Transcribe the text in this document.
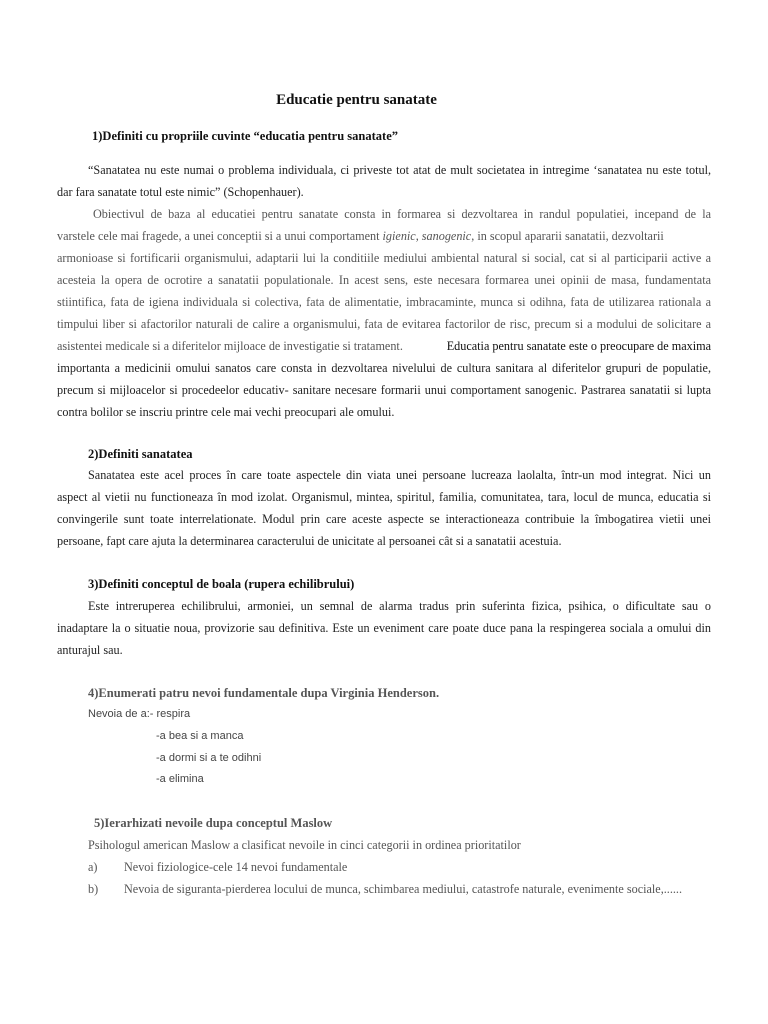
Educatie pentru sanatate
1)Definiti cu propriile cuvinte “educatia pentru sanatate”
“Sanatatea nu este numai o problema individuala, ci priveste tot atat de mult societatea in intregime ‘sanatatea nu este totul,
dar fara sanatate totul este nimic” (Schopenhauer).
Obiectivul de baza al educatiei pentru sanatate consta in formarea si dezvoltarea in randul populatiei, incepand de la
varstele cele mai fragede, a unei conceptii si a unui comportament igienic, sanogenic, in scopul apararii sanatatii, dezvoltarii
armonioase si fortificarii organismului, adaptarii lui la conditiile mediului ambiental natural si social, cat si al participarii active a
acesteia la opera de ocrotire a sanatatii populationale. In acest sens, este necesara formarea unei opinii de masa, fundamentata
stiintifica, fata de igiena individuala si colectiva, fata de alimentatie, imbracaminte, munca si odihna, fata de utilizarea rationala a
timpului liber si afactorilor naturali de calire a organismului, fata de evitarea factorilor de risc, precum si a modului de solicitare a
asistentei medicale si a diferitelor mijloace de investigatie si tratament.	Educatia pentru sanatate este o preocupare de maxima
importanta a medicinii omului sanatos care consta in dezvoltarea nivelului de cultura sanitara al diferitelor grupuri de populatie,
precum si mijloacelor si procedeelor educativ- sanitare necesare formarii unui comportament sanogenic. Pastrarea sanatatii si lupta
contra bolilor se inscriu printre cele mai vechi preocupari ale omului.
2)Definiti sanatatea
Sanatatea este acel proces în care toate aspectele din viata unei persoane lucreaza laolalta, într-un mod integrat. Nici un
aspect al vietii nu functioneaza în mod izolat. Organismul, mintea, spiritul, familia, comunitatea, tara, locul de munca, educatia si
convingerile sunt toate interrelationate. Modul prin care aceste aspecte se interactioneaza contribuie la îmbogatirea vietii unei
persoane, fapt care ajuta la determinarea caracterului de unicitate al persoanei cât si a sanatatii acestuia.
3)Definiti conceptul de boala (rupera echilibrului)
Este intreruperea echilibrului, armoniei, un semnal de alarma tradus prin suferinta fizica, psihica, o dificultate sau o
inadaptare la o situatie noua, provizorie sau definitiva. Este un eveniment care poate duce pana la respingerea sociala a omului din
anturajul sau.
4)Enumerati patru nevoi fundamentale dupa Virginia Henderson.
Nevoia de a:- respira
-a bea si a manca
-a dormi si a te odihni
-a elimina
5)Ierarhizati nevoile dupa conceptul Maslow
Psihologul american Maslow a clasificat nevoile in cinci categorii in ordinea prioritatilor
a) Nevoi fiziologice-cele 14 nevoi fundamentale
b) Nevoia de siguranta-pierderea locului de munca, schimbarea mediului, catastrofe naturale, evenimente sociale,......
